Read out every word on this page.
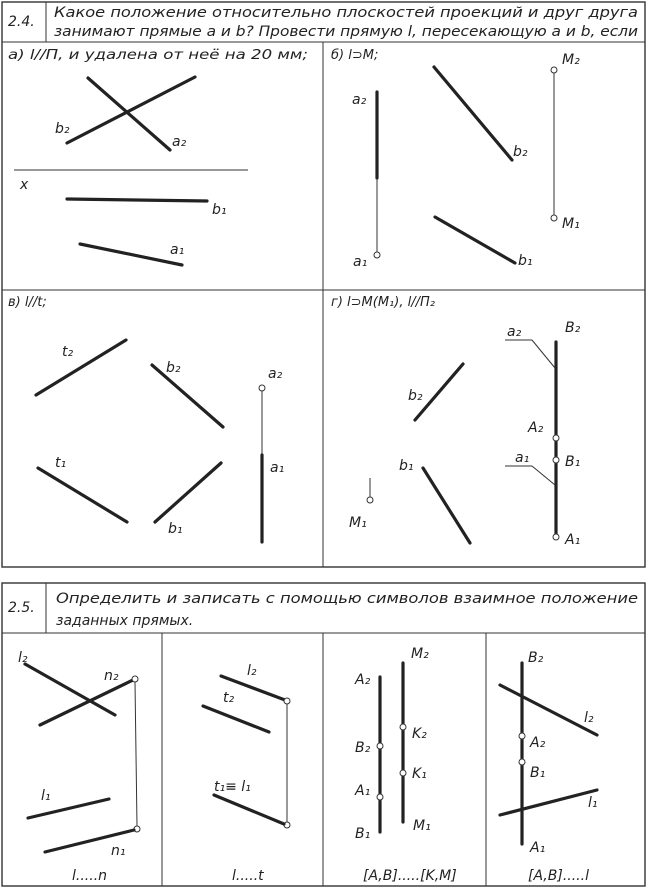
2.4.
Какое положение относительно плоскостей проекций и друг друга
занимают прямые a и b? Провести прямую l, пересекающую a и b, если
а) l//П, и удалена от неё на 20 мм;
b₂
a₂
x
b₁
a₁
б) l⊃M;
a₂
a₁
b₂
b₁
M₂
M₁
в) l//t;
t₂
b₂
t₁
b₁
a₂
a₁
г) l⊃M(M₁), l//П₂
b₂
b₁
M₁
B₂
A₂
B₁
A₁
a₂
a₁
2.5.
Определить и записать с помощью символов взаимное положение
заданных прямых.
l₂
n₂
l₁
n₁
l.....n
l₂
t₂
t₁≡ l₁
l.....t
A₂
B₂
A₁
B₁
M₂
K₂
K₁
M₁
[A,B].....[K,M]
B₂
l₂
A₂
B₁
l₁
A₁
[A,B].....l
